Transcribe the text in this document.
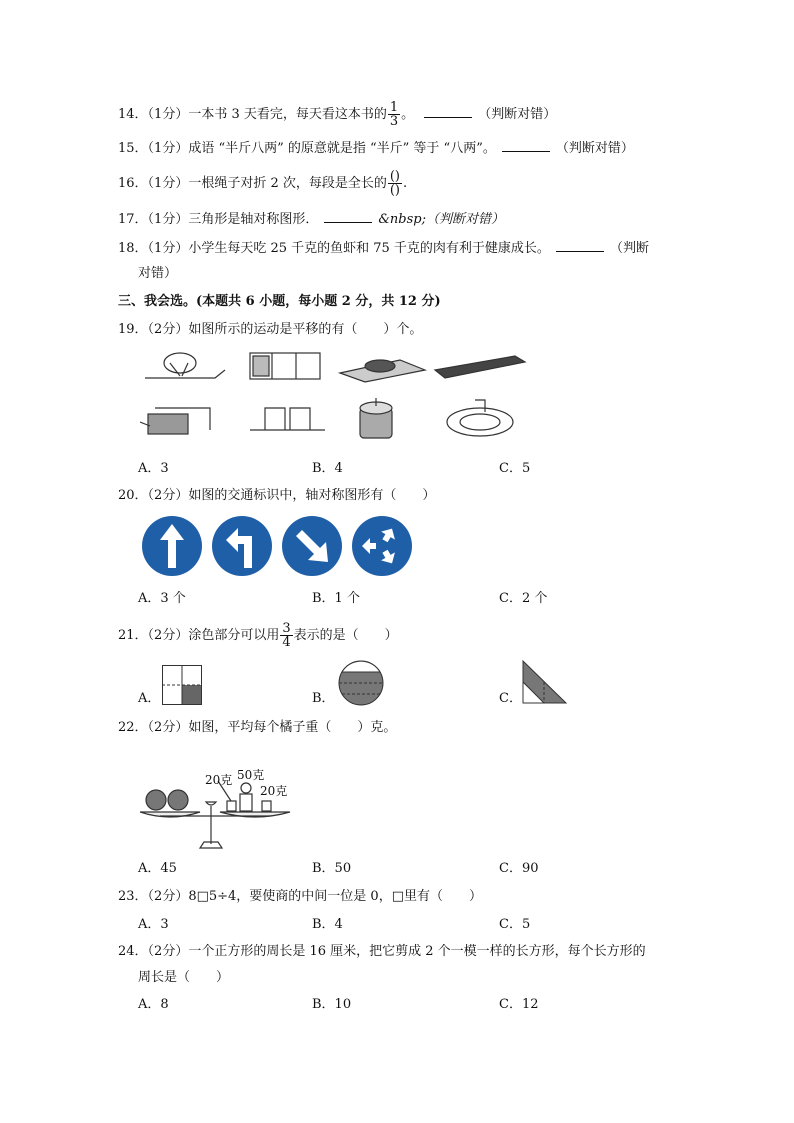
14．（1分）一本书 3 天看完，每天看这本书的 $\frac{1}{3}$ 。	（判断对错）
15．（1分）成语 “半斤八两” 的原意就是指 “半斤” 等于 “八两”。	（判断对错）
16．（1分）一根绳子对折 2 次，每段是全长的 $\frac{()}{()}$ .
17．（1分）三角形是轴对称图形．	&nbsp;（判断对错）
18．（1分）小学生每天吃 25 千克的鱼虾和 75 千克的肉有利于健康成长。	（判断
对错）
三、我会选。(本题共 6 小题，每小题 2 分，共 12 分)
19．（2分）如图所示的运动是平移的有（　　）个。
A．3	B．4	C．5
20．（2分）如图的交通标识中，轴对称图形有（　　）
A．3 个	B．1 个	C．2 个
21．（2分）涂色部分可以用 $\frac{3}{4}$ 表示的是（　　）
A．	B．	C．
22．（2分）如图，平均每个橘子重（　　）克。
20克 50克
20克
A．45	B．50	C．90
23．（2分）8□5÷4，要使商的中间一位是 0，□里有（　　）
A．3	B．4	C．5
24．（2分）一个正方形的周长是 16 厘米，把它剪成 2 个一模一样的长方形，每个长方形的
周长是（　　）
A．8	B．10	C．12
